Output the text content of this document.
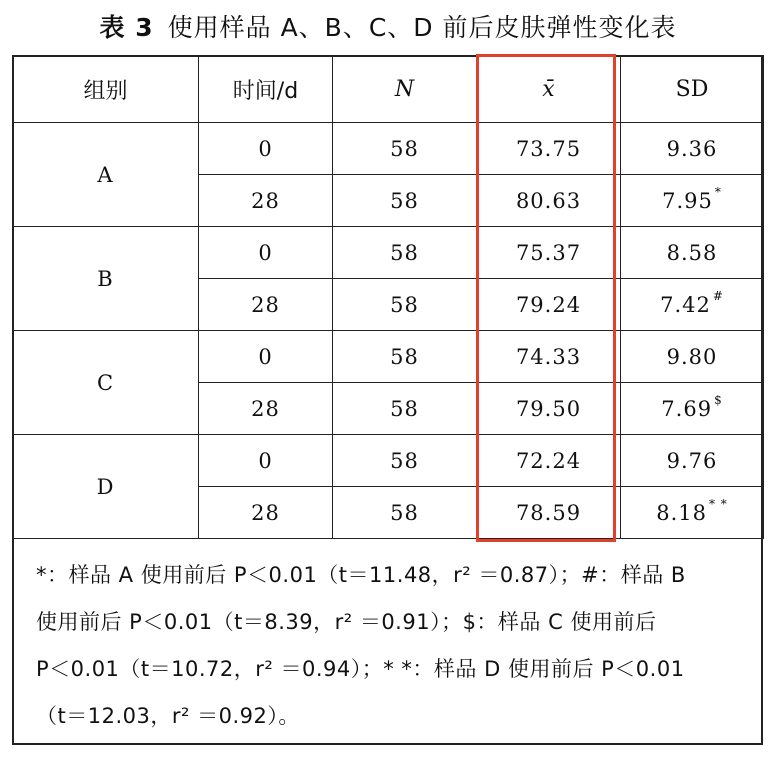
表 3 使用样品 A、B、C、D 前后皮肤弹性变化表
组别	时间/d	N	x̄	SD
A	0	58	73.75	9.36
	28	58	80.63	7.95 *
B	0	58	75.37	8.58
	28	58	79.24	7.42 #
C	0	58	74.33	9.80
	28	58	79.50	7.69 $
D	0	58	72.24	9.76
	28	58	78.59	8.18 * *
*：样品 A 使用前后 P＜0.01（t＝11.48，r² ＝0.87）；#：样品 B
使用前后 P＜0.01（t＝8.39，r² ＝0.91）；$：样品 C 使用前后
P＜0.01（t＝10.72，r² ＝0.94）；* *：样品 D 使用前后 P＜0.01
（t＝12.03，r² ＝0.92）。
